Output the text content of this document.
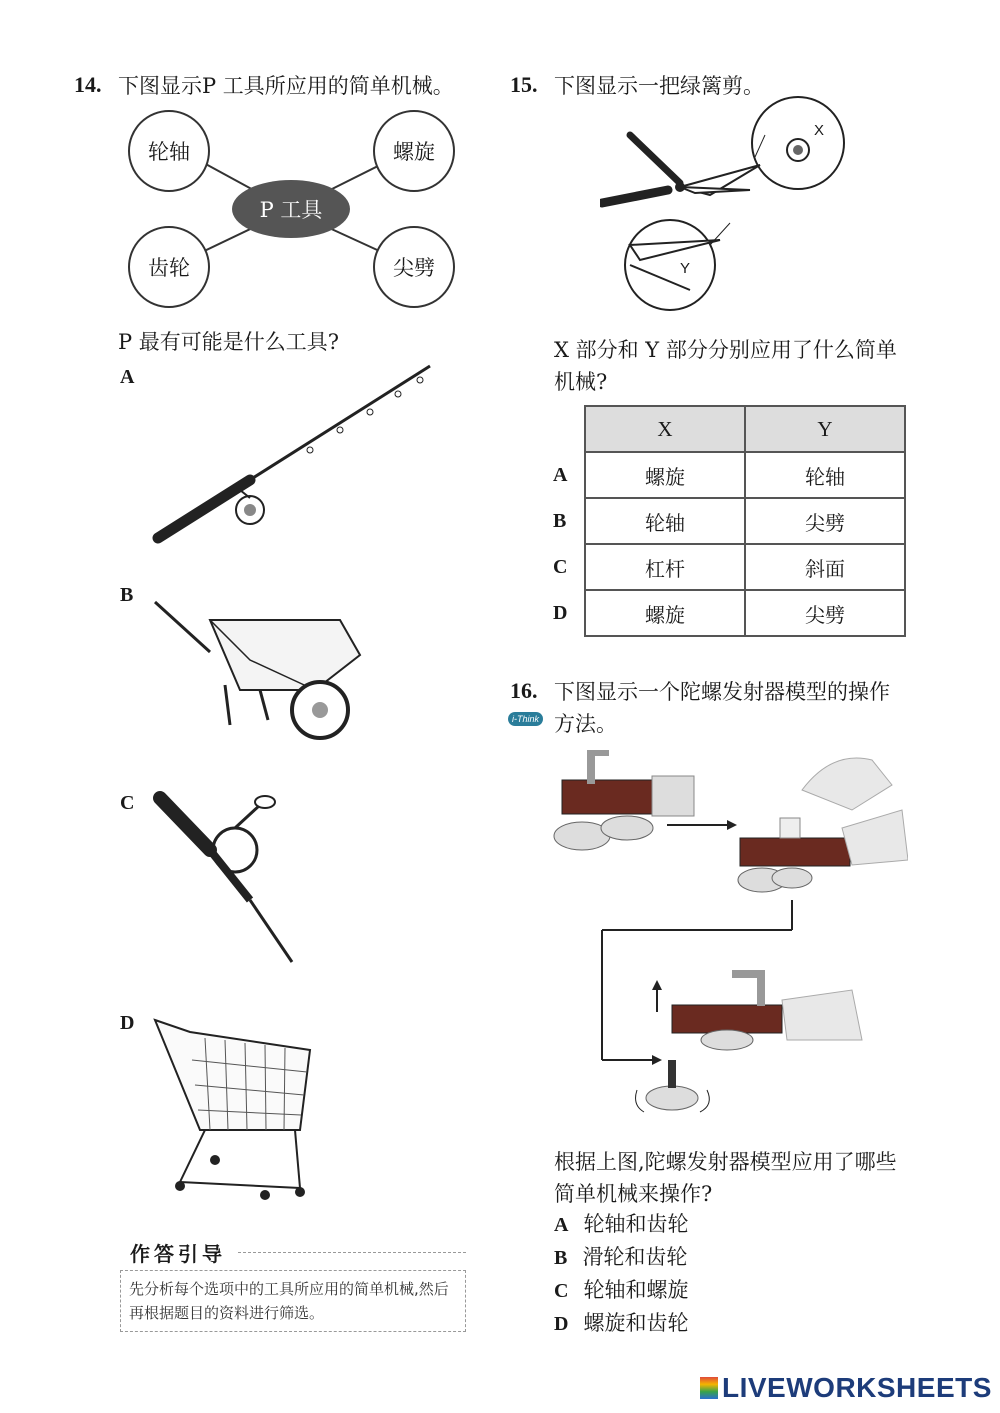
14. 下图显示P 工具所应用的简单机械。
轮轴	螺旋
齿轮	尖劈
P 工具
P 最有可能是什么工具?
A
B
C
D
作答引导
先分析每个选项中的工具所应用的简单机械,然后再根据题目的资料进行筛选。
15. 下图显示一把绿篱剪。
X
Y
X 部分和 Y 部分分别应用了什么简单机械?
	X	Y
A	螺旋	轮轴
B	轮轴	尖劈
C	杠杆	斜面
D	螺旋	尖劈
16.
i-Think
下图显示一个陀螺发射器模型的操作方法。
根据上图,陀螺发射器模型应用了哪些简单机械来操作?
A 轮轴和齿轮
B 滑轮和齿轮
C 轮轴和螺旋
D 螺旋和齿轮
LIVEWORKSHEETS
